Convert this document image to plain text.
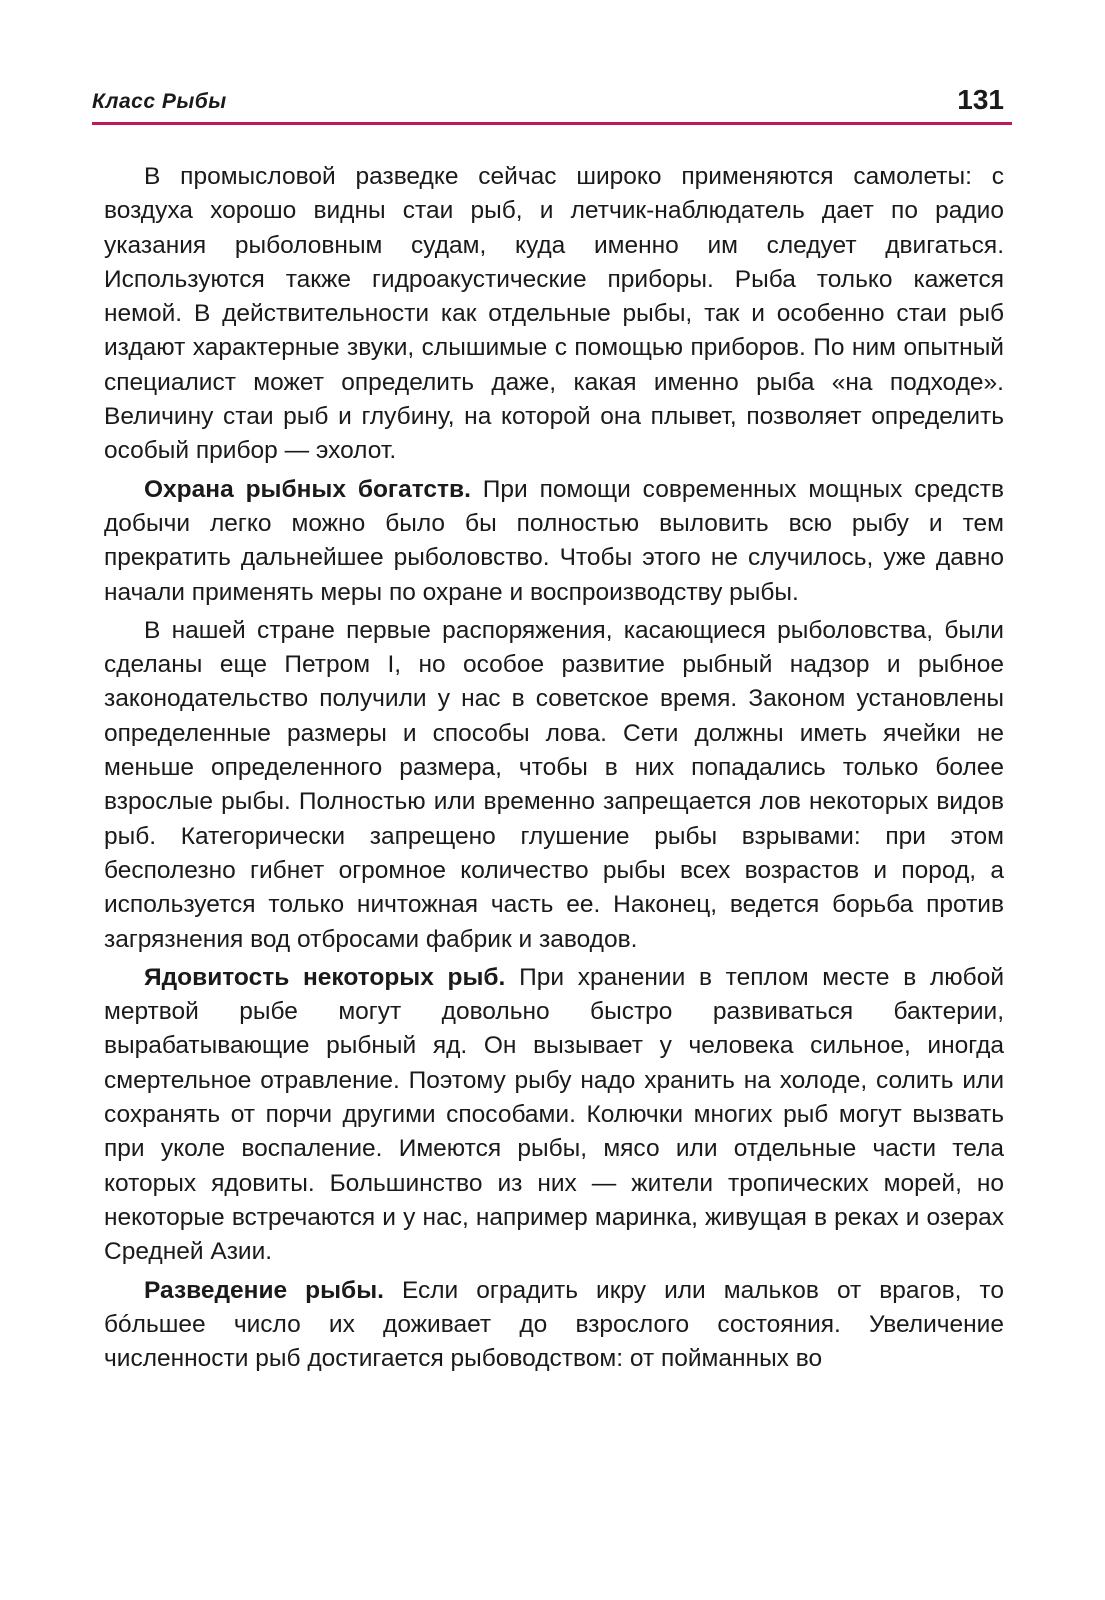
Класс Рыбы	131

В промысловой разведке сейчас широко применяются самолеты: с воздуха хорошо видны стаи рыб, и летчик-наблюдатель дает по радио указания рыболовным судам, куда именно им следует двигаться. Используются также гидроакустические приборы. Рыба только кажется немой. В действительности как отдельные рыбы, так и особенно стаи рыб издают характерные звуки, слышимые с помощью приборов. По ним опытный специалист может определить даже, какая именно рыба «на подходе». Величину стаи рыб и глубину, на которой она плывет, позволяет определить особый прибор — эхолот.

Охрана рыбных богатств. При помощи современных мощных средств добычи легко можно было бы полностью выловить всю рыбу и тем прекратить дальнейшее рыболовство. Чтобы этого не случилось, уже давно начали применять меры по охране и воспроизводству рыбы.

В нашей стране первые распоряжения, касающиеся рыболовства, были сделаны еще Петром I, но особое развитие рыбный надзор и рыбное законодательство получили у нас в советское время. Законом установлены определенные размеры и способы лова. Сети должны иметь ячейки не меньше определенного размера, чтобы в них попадались только более взрослые рыбы. Полностью или временно запрещается лов некоторых видов рыб. Категорически запрещено глушение рыбы взрывами: при этом бесполезно гибнет огромное количество рыбы всех возрастов и пород, а используется только ничтожная часть ее. Наконец, ведется борьба против загрязнения вод отбросами фабрик и заводов.

Ядовитость некоторых рыб. При хранении в теплом месте в любой мертвой рыбе могут довольно быстро развиваться бактерии, вырабатывающие рыбный яд. Он вызывает у человека сильное, иногда смертельное отравление. Поэтому рыбу надо хранить на холоде, солить или сохранять от порчи другими способами. Колючки многих рыб могут вызвать при уколе воспаление. Имеются рыбы, мясо или отдельные части тела которых ядовиты. Большинство из них — жители тропических морей, но некоторые встречаются и у нас, например маринка, живущая в реках и озерах Средней Азии.

Разведение рыбы. Если оградить икру или мальков от врагов, то бóльшее число их доживает до взрослого состояния. Увеличение численности рыб достигается рыбоводством: от пойманных во
